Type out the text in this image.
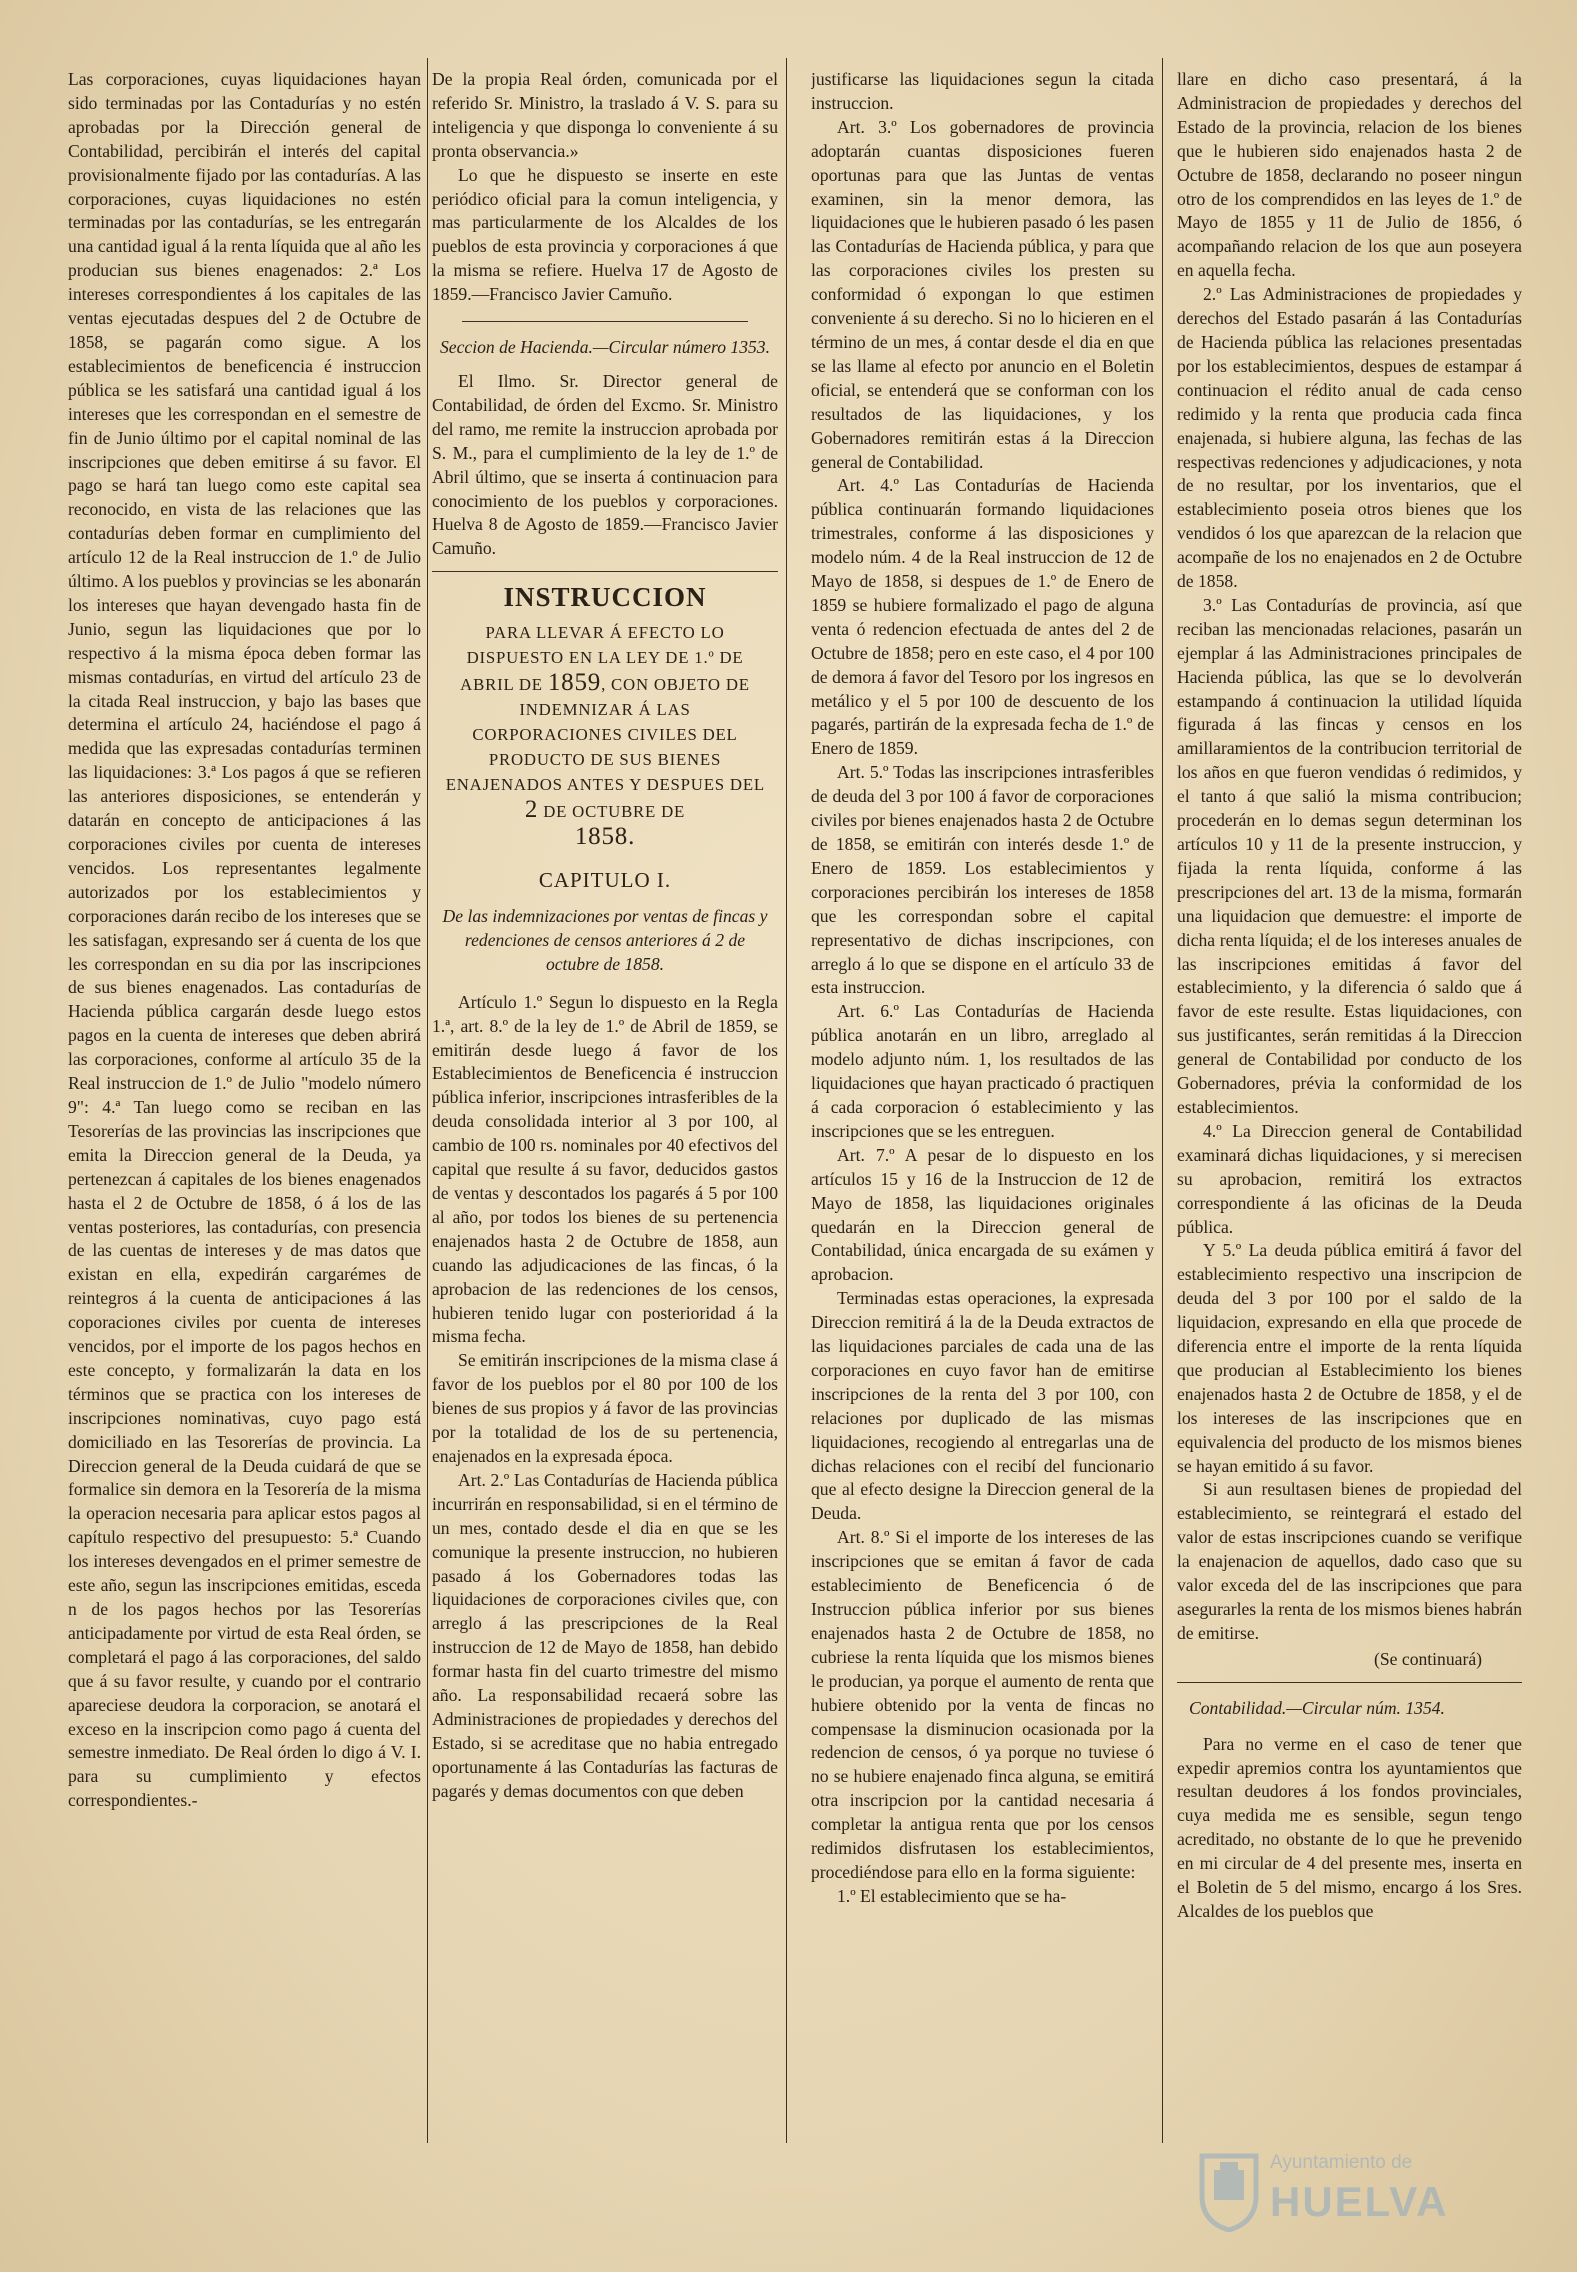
Las corporaciones, cuyas liquidaciones hayan sido terminadas por las Contadurías y no estén aprobadas por la Dirección general de Contabilidad, percibirán el interés del capital provisionalmente fijado por las contadurías. A las corporaciones, cuyas liquidaciones no estén terminadas por las contadurías, se les entregarán una cantidad igual á la renta líquida que al año les producian sus bienes enagenados: 2.ª Los intereses correspondientes á los capitales de las ventas ejecutadas despues del 2 de Octubre de 1858, se pagarán como sigue. A los establecimientos de beneficencia é instruccion pública se les satisfará una cantidad igual á los intereses que les correspondan en el semestre de fin de Junio último por el capital nominal de las inscripciones que deben emitirse á su favor. El pago se hará tan luego como este capital sea reconocido, en vista de las relaciones que las contadurías deben formar en cumplimiento del artículo 12 de la Real instruccion de 1.º de Julio último. A los pueblos y provincias se les abonarán los intereses que hayan devengado hasta fin de Junio, segun las liquidaciones que por lo respectivo á la misma época deben formar las mismas contadurías, en virtud del artículo 23 de la citada Real instruccion, y bajo las bases que determina el artículo 24, haciéndose el pago á medida que las expresadas contadurías terminen las liquidaciones: 3.ª Los pagos á que se refieren las anteriores disposiciones, se entenderán y datarán en concepto de anticipaciones á las corporaciones civiles por cuenta de intereses vencidos. Los representantes legalmente autorizados por los establecimientos y corporaciones darán recibo de los intereses que se les satisfagan, expresando ser á cuenta de los que les correspondan en su dia por las inscripciones de sus bienes enagenados. Las contadurías de Hacienda pública cargarán desde luego estos pagos en la cuenta de intereses que deben abrirá las corporaciones, conforme al artículo 35 de la Real instruccion de 1.º de Julio "modelo número 9": 4.ª Tan luego como se reciban en las Tesorerías de las provincias las inscripciones que emita la Direccion general de la Deuda, ya pertenezcan á capitales de los bienes enagenados hasta el 2 de Octubre de 1858, ó á los de las ventas posteriores, las contadurías, con presencia de las cuentas de intereses y de mas datos que existan en ella, expedirán cargarémes de reintegros á la cuenta de anticipaciones á las coporaciones civiles por cuenta de intereses vencidos, por el importe de los pagos hechos en este concepto, y formalizarán la data en los términos que se practica con los intereses de inscripciones nominativas, cuyo pago está domiciliado en las Tesorerías de provincia. La Direccion general de la Deuda cuidará de que se formalice sin demora en la Tesorería de la misma la operacion necesaria para aplicar estos pagos al capítulo respectivo del presupuesto: 5.ª Cuando los intereses devengados en el primer semestre de este año, segun las inscripciones emitidas, esceda n de los pagos hechos por las Tesorerías anticipadamente por virtud de esta Real órden, se completará el pago á las corporaciones, del saldo que á su favor resulte, y cuando por el contrario apareciese deudora la corporacion, se anotará el exceso en la inscripcion como pago á cuenta del semestre inmediato. De Real órden lo digo á V. I. para su cumplimiento y efectos correspondientes.-

De la propia Real órden, comunicada por el referido Sr. Ministro, la traslado á V. S. para su inteligencia y que disponga lo conveniente á su pronta observancia.»

Lo que he dispuesto se inserte en este periódico oficial para la comun inteligencia, y mas particularmente de los Alcaldes de los pueblos de esta provincia y corporaciones á que la misma se refiere. Huelva 17 de Agosto de 1859.—Francisco Javier Camuño.

Seccion de Hacienda.—Circular número 1353.

El Ilmo. Sr. Director general de Contabilidad, de órden del Excmo. Sr. Ministro del ramo, me remite la instruccion aprobada por S. M., para el cumplimiento de la ley de 1.º de Abril último, que se inserta á continuacion para conocimiento de los pueblos y corporaciones. Huelva 8 de Agosto de 1859.—Francisco Javier Camuño.

INSTRUCCION
PARA LLEVAR Á EFECTO LO DISPUESTO EN LA LEY DE 1.º DE ABRIL DE 1859, CON OBJETO DE INDEMNIZAR Á LAS CORPORACIONES CIVILES DEL PRODUCTO DE SUS BIENES ENAJENADOS ANTES Y DESPUES DEL 2 DE OCTUBRE DE
1858.
CAPITULO I.

De las indemnizaciones por ventas de fincas y redenciones de censos anteriores á 2 de octubre de 1858.

Artículo 1.º Segun lo dispuesto en la Regla 1.ª, art. 8.º de la ley de 1.º de Abril de 1859, se emitirán desde luego á favor de los Establecimientos de Beneficencia é instruccion pública inferior, inscripciones intrasferibles de la deuda consolidada interior al 3 por 100, al cambio de 100 rs. nominales por 40 efectivos del capital que resulte á su favor, deducidos gastos de ventas y descontados los pagarés á 5 por 100 al año, por todos los bienes de su pertenencia enajenados hasta 2 de Octubre de 1858, aun cuando las adjudicaciones de las fincas, ó la aprobacion de las redenciones de los censos, hubieren tenido lugar con posterioridad á la misma fecha.

Se emitirán inscripciones de la misma clase á favor de los pueblos por el 80 por 100 de los bienes de sus propios y á favor de las provincias por la totalidad de los de su pertenencia, enajenados en la expresada época.

Art. 2.º Las Contadurías de Hacienda pública incurrirán en responsabilidad, si en el término de un mes, contado desde el dia en que se les comunique la presente instruccion, no hubieren pasado á los Gobernadores todas las liquidaciones de corporaciones civiles que, con arreglo á las prescripciones de la Real instruccion de 12 de Mayo de 1858, han debido formar hasta fin del cuarto trimestre del mismo año. La responsabilidad recaerá sobre las Administraciones de propiedades y derechos del Estado, si se acreditase que no habia entregado oportunamente á las Contadurías las facturas de pagarés y demas documentos con que deben

justificarse las liquidaciones segun la citada instruccion.

Art. 3.º Los gobernadores de provincia adoptarán cuantas disposiciones fueren oportunas para que las Juntas de ventas examinen, sin la menor demora, las liquidaciones que le hubieren pasado ó les pasen las Contadurías de Hacienda pública, y para que las corporaciones civiles los presten su conformidad ó expongan lo que estimen conveniente á su derecho. Si no lo hicieren en el término de un mes, á contar desde el dia en que se las llame al efecto por anuncio en el Boletin oficial, se entenderá que se conforman con los resultados de las liquidaciones, y los Gobernadores remitirán estas á la Direccion general de Contabilidad.

Art. 4.º Las Contadurías de Hacienda pública continuarán formando liquidaciones trimestrales, conforme á las disposiciones y modelo núm. 4 de la Real instruccion de 12 de Mayo de 1858, si despues de 1.º de Enero de 1859 se hubiere formalizado el pago de alguna venta ó redencion efectuada de antes del 2 de Octubre de 1858; pero en este caso, el 4 por 100 de demora á favor del Tesoro por los ingresos en metálico y el 5 por 100 de descuento de los pagarés, partirán de la expresada fecha de 1.º de Enero de 1859.

Art. 5.º Todas las inscripciones intrasferibles de deuda del 3 por 100 á favor de corporaciones civiles por bienes enajenados hasta 2 de Octubre de 1858, se emitirán con interés desde 1.º de Enero de 1859. Los establecimientos y corporaciones percibirán los intereses de 1858 que les correspondan sobre el capital representativo de dichas inscripciones, con arreglo á lo que se dispone en el artículo 33 de esta instruccion.

Art. 6.º Las Contadurías de Hacienda pública anotarán en un libro, arreglado al modelo adjunto núm. 1, los resultados de las liquidaciones que hayan practicado ó practiquen á cada corporacion ó establecimiento y las inscripciones que se les entreguen.

Art. 7.º A pesar de lo dispuesto en los artículos 15 y 16 de la Instruccion de 12 de Mayo de 1858, las liquidaciones originales quedarán en la Direccion general de Contabilidad, única encargada de su exámen y aprobacion.

Terminadas estas operaciones, la expresada Direccion remitirá á la de la Deuda extractos de las liquidaciones parciales de cada una de las corporaciones en cuyo favor han de emitirse inscripciones de la renta del 3 por 100, con relaciones por duplicado de las mismas liquidaciones, recogiendo al entregarlas una de dichas relaciones con el recibí del funcionario que al efecto designe la Direccion general de la Deuda.

Art. 8.º Si el importe de los intereses de las inscripciones que se emitan á favor de cada establecimiento de Beneficencia ó de Instruccion pública inferior por sus bienes enajenados hasta 2 de Octubre de 1858, no cubriese la renta líquida que los mismos bienes le producian, ya porque el aumento de renta que hubiere obtenido por la venta de fincas no compensase la disminucion ocasionada por la redencion de censos, ó ya porque no tuviese ó no se hubiere enajenado finca alguna, se emitirá otra inscripcion por la cantidad necesaria á completar la antigua renta que por los censos redimidos disfrutasen los establecimientos, procediéndose para ello en la forma siguiente:

1.º El establecimiento que se ha-

llare en dicho caso presentará, á la Administracion de propiedades y derechos del Estado de la provincia, relacion de los bienes que le hubieren sido enajenados hasta 2 de Octubre de 1858, declarando no poseer ningun otro de los comprendidos en las leyes de 1.º de Mayo de 1855 y 11 de Julio de 1856, ó acompañando relacion de los que aun poseyera en aquella fecha.

2.º Las Administraciones de propiedades y derechos del Estado pasarán á las Contadurías de Hacienda pública las relaciones presentadas por los establecimientos, despues de estampar á continuacion el rédito anual de cada censo redimido y la renta que producia cada finca enajenada, si hubiere alguna, las fechas de las respectivas redenciones y adjudicaciones, y nota de no resultar, por los inventarios, que el establecimiento poseia otros bienes que los vendidos ó los que aparezcan de la relacion que acompañe de los no enajenados en 2 de Octubre de 1858.

3.º Las Contadurías de provincia, así que reciban las mencionadas relaciones, pasarán un ejemplar á las Administraciones principales de Hacienda pública, las que se lo devolverán estampando á continuacion la utilidad líquida figurada á las fincas y censos en los amillaramientos de la contribucion territorial de los años en que fueron vendidas ó redimidos, y el tanto á que salió la misma contribucion; procederán en lo demas segun determinan los artículos 10 y 11 de la presente instruccion, y fijada la renta líquida, conforme á las prescripciones del art. 13 de la misma, formarán una liquidacion que demuestre: el importe de dicha renta líquida; el de los intereses anuales de las inscripciones emitidas á favor del establecimiento, y la diferencia ó saldo que á favor de este resulte. Estas liquidaciones, con sus justificantes, serán remitidas á la Direccion general de Contabilidad por conducto de los Gobernadores, prévia la conformidad de los establecimientos.

4.º La Direccion general de Contabilidad examinará dichas liquidaciones, y si merecisen su aprobacion, remitirá los extractos correspondiente á las oficinas de la Deuda pública.

Y 5.º La deuda pública emitirá á favor del establecimiento respectivo una inscripcion de deuda del 3 por 100 por el saldo de la liquidacion, expresando en ella que procede de diferencia entre el importe de la renta líquida que producian al Establecimiento los bienes enajenados hasta 2 de Octubre de 1858, y el de los intereses de las inscripciones que en equivalencia del producto de los mismos bienes se hayan emitido á su favor.

Si aun resultasen bienes de propiedad del establecimiento, se reintegrará el estado del valor de estas inscripciones cuando se verifique la enajenacion de aquellos, dado caso que su valor exceda del de las inscripciones que para asegurarles la renta de los mismos bienes habrán de emitirse.

(Se continuará)

Contabilidad.—Circular núm. 1354.

Para no verme en el caso de tener que expedir apremios contra los ayuntamientos que resultan deudores á los fondos provinciales, cuya medida me es sensible, segun tengo acreditado, no obstante de lo que he prevenido en mi circular de 4 del presente mes, inserta en el Boletin de 5 del mismo, encargo á los Sres. Alcaldes de los pueblos que

Ayuntamiento de
HUELVA
